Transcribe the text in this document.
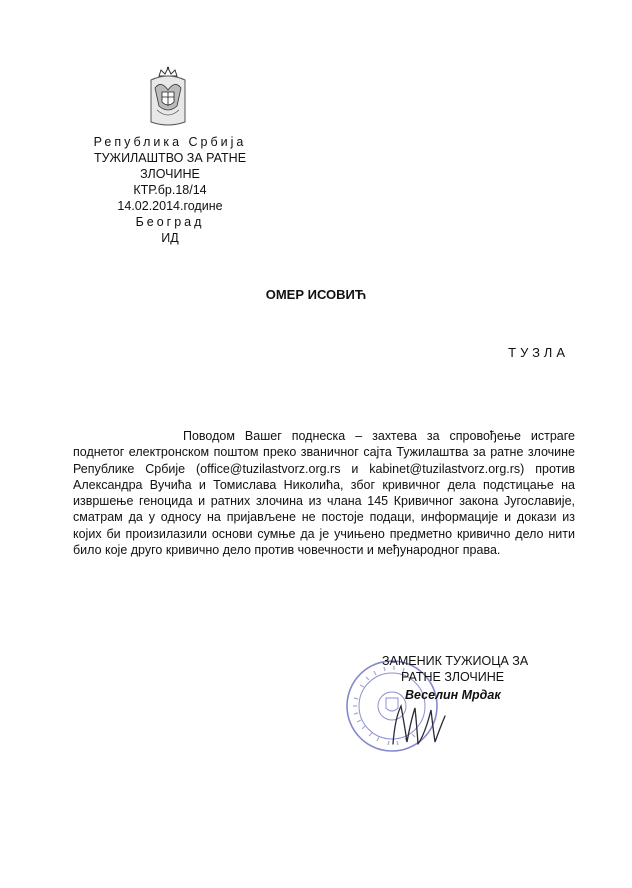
Република Србија
ТУЖИЛАШТВО ЗА РАТНЕ
ЗЛОЧИНЕ
КТР.бр.18/14
14.02.2014.године
Београд
ИД
ОМЕР ИСОВИЋ
ТУЗЛА

Поводом Вашег поднеска – захтева за спровођење истраге поднетог електронском поштом преко званичног сајта Тужилаштва за ратне злочине Републике Србије (office@tuzilastvorz.org.rs и kabinet@tuzilastvorz.org.rs) против Александра Вучића и Томислава Николића, због кривичног дела подстицање на извршење геноцида и ратних злочина из члана 145 Кривичног закона Југославије, сматрам да у односу на пријављене не постоје подаци, информације и докази из којих би произилазили основи сумње да је учињено предметно кривично дело нити било које друго кривично дело против човечности и међународног права.

ЗАМЕНИК ТУЖИОЦА ЗА
РАТНЕ ЗЛОЧИНЕ
Веселин Мрдак
